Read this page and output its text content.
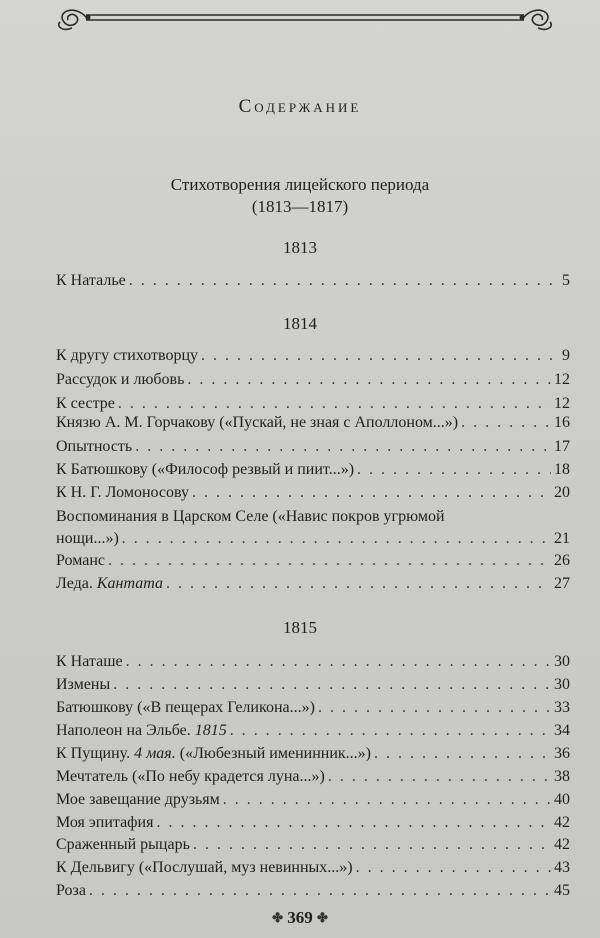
Содержание
Стихотворения лицейского периода
(1813—1817)
1813
К Наталье . . .	5
1814
К другу стихотворцу . . .	9
Рассудок и любовь . . .	12
К сестре . . .	12
Князю А. М. Горчакову («Пускай, не зная с Аполлоном...») . . .	16
Опытность . . .	17
К Батюшкову («Философ резвый и пиит...») . . .	18
К Н. Г. Ломоносову . . .	20
Воспоминания в Царском Селе («Навис покров угрюмой
нощи...») . . .	21
Романс . . .	26
Леда. Кантата . . .	27
1815
К Наташе . . .	30
Измены . . .	30
Батюшкову («В пещерах Геликона...») . . .	33
Наполеон на Эльбе. 1815 . . .	34
К Пущину. 4 мая. («Любезный именинник...») . . .	36
Мечтатель («По небу крадется луна...») . . .	38
Мое завещание друзьям . . .	40
Моя эпитафия . . .	42
Сраженный рыцарь . . .	42
К Дельвигу («Послушай, муз невинных...») . . .	43
Роза . . .	45
✤ 369 ✤
